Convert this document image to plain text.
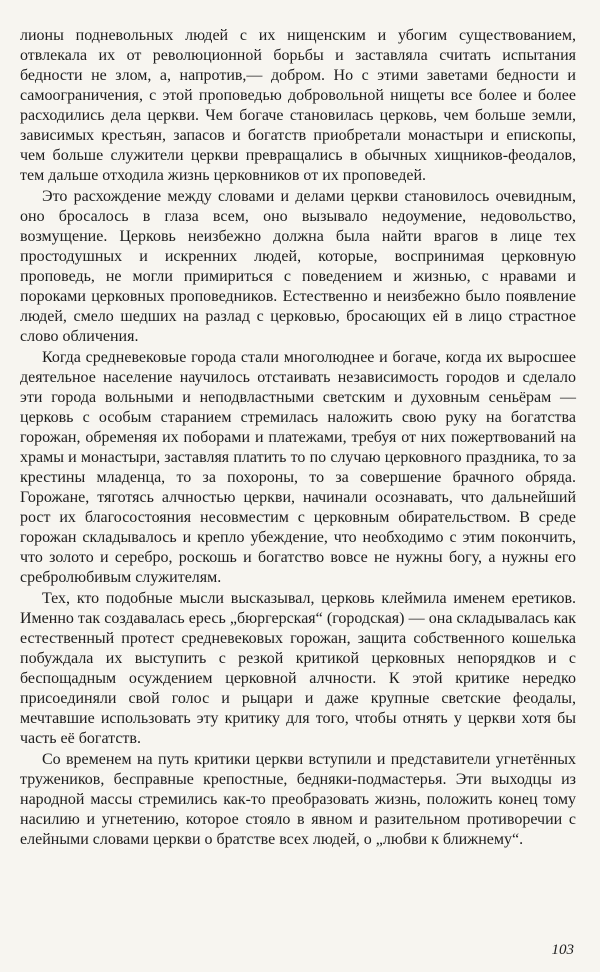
лионы подневольных людей с их нищенским и убогим существованием, отвлекала их от революционной борьбы и заставляла считать испытания бедности не злом, а, напротив,— добром. Но с этими заветами бедности и самоограничения, с этой проповедью добровольной нищеты все более и более расходились дела церкви. Чем богаче становилась церковь, чем больше земли, зависимых крестьян, запасов и богатств приобретали монастыри и епископы, чем больше служители церкви превращались в обычных хищников-феодалов, тем дальше отходила жизнь церковников от их проповедей.

Это расхождение между словами и делами церкви становилось очевидным, оно бросалось в глаза всем, оно вызывало недоумение, недовольство, возмущение. Церковь неизбежно должна была найти врагов в лице тех простодушных и искренних людей, которые, воспринимая церковную проповедь, не могли примириться с поведением и жизнью, с нравами и пороками церковных проповедников. Естественно и неизбежно было появление людей, смело шедших на разлад с церковью, бросающих ей в лицо страстное слово обличения.

Когда средневековые города стали многолюднее и богаче, когда их выросшее деятельное население научилось отстаивать независимость городов и сделало эти города вольными и неподвластными светским и духовным сеньёрам — церковь с особым старанием стремилась наложить свою руку на богатства горожан, обременяя их поборами и платежами, требуя от них пожертвований на храмы и монастыри, заставляя платить то по случаю церковного праздника, то за крестины младенца, то за похороны, то за совершение брачного обряда. Горожане, тяготясь алчностью церкви, начинали осознавать, что дальнейший рост их благосостояния несовместим с церковным обирательством. В среде горожан складывалось и крепло убеждение, что необходимо с этим покончить, что золото и серебро, роскошь и богатство вовсе не нужны богу, а нужны его сребролюбивым служителям.

Тех, кто подобные мысли высказывал, церковь клеймила именем еретиков. Именно так создавалась ересь „бюргерская“ (городская) — она складывалась как естественный протест средневековых горожан, защита собственного кошелька побуждала их выступить с резкой критикой церковных непорядков и с беспощадным осуждением церковной алчности. К этой критике нередко присоединяли свой голос и рыцари и даже крупные светские феодалы, мечтавшие использовать эту критику для того, чтобы отнять у церкви хотя бы часть её богатств.

Со временем на путь критики церкви вступили и представители угнетённых тружеников, бесправные крепостные, бедняки-подмастерья. Эти выходцы из народной массы стремились как-то преобразовать жизнь, положить конец тому насилию и угнетению, которое стояло в явном и разительном противоречии с елейными словами церкви о братстве всех людей, о „любви к ближнему“.

103
